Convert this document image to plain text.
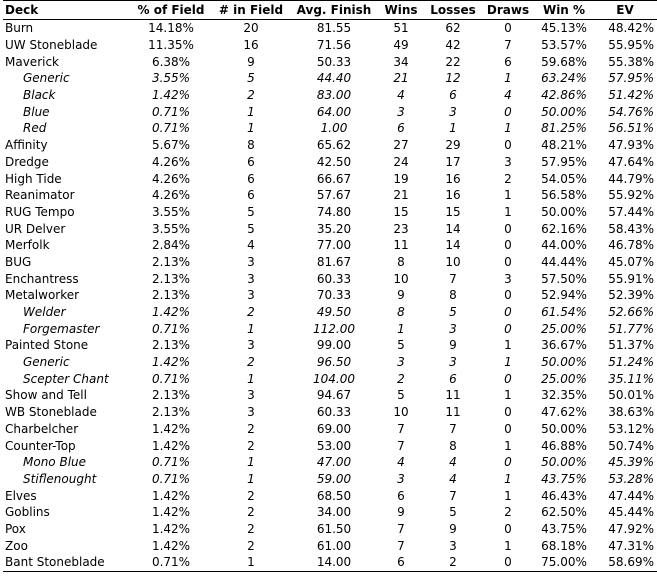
Deck	% of Field	# in Field	Avg. Finish	Wins	Losses	Draws	Win %	EV
Burn	14.18%	20	81.55	51	62	0	45.13%	48.42%
UW Stoneblade	11.35%	16	71.56	49	42	7	53.57%	55.95%
Maverick	6.38%	9	50.33	34	22	6	59.68%	55.38%
Generic	3.55%	5	44.40	21	12	1	63.24%	57.95%
Black	1.42%	2	83.00	4	6	4	42.86%	51.42%
Blue	0.71%	1	64.00	3	3	0	50.00%	54.76%
Red	0.71%	1	1.00	6	1	1	81.25%	56.51%
Affinity	5.67%	8	65.62	27	29	0	48.21%	47.93%
Dredge	4.26%	6	42.50	24	17	3	57.95%	47.64%
High Tide	4.26%	6	66.67	19	16	2	54.05%	44.79%
Reanimator	4.26%	6	57.67	21	16	1	56.58%	55.92%
RUG Tempo	3.55%	5	74.80	15	15	1	50.00%	57.44%
UR Delver	3.55%	5	35.20	23	14	0	62.16%	58.43%
Merfolk	2.84%	4	77.00	11	14	0	44.00%	46.78%
BUG	2.13%	3	81.67	8	10	0	44.44%	45.07%
Enchantress	2.13%	3	60.33	10	7	3	57.50%	55.91%
Metalworker	2.13%	3	70.33	9	8	0	52.94%	52.39%
Welder	1.42%	2	49.50	8	5	0	61.54%	52.66%
Forgemaster	0.71%	1	112.00	1	3	0	25.00%	51.77%
Painted Stone	2.13%	3	99.00	5	9	1	36.67%	51.37%
Generic	1.42%	2	96.50	3	3	1	50.00%	51.24%
Scepter Chant	0.71%	1	104.00	2	6	0	25.00%	35.11%
Show and Tell	2.13%	3	94.67	5	11	1	32.35%	50.01%
WB Stoneblade	2.13%	3	60.33	10	11	0	47.62%	38.63%
Charbelcher	1.42%	2	69.00	7	7	0	50.00%	53.12%
Counter-Top	1.42%	2	53.00	7	8	1	46.88%	50.74%
Mono Blue	0.71%	1	47.00	4	4	0	50.00%	45.39%
Stiflenought	0.71%	1	59.00	3	4	1	43.75%	53.28%
Elves	1.42%	2	68.50	6	7	1	46.43%	47.44%
Goblins	1.42%	2	34.00	9	5	2	62.50%	45.44%
Pox	1.42%	2	61.50	7	9	0	43.75%	47.92%
Zoo	1.42%	2	61.00	7	3	1	68.18%	47.31%
Bant Stoneblade	0.71%	1	14.00	6	2	0	75.00%	58.69%
